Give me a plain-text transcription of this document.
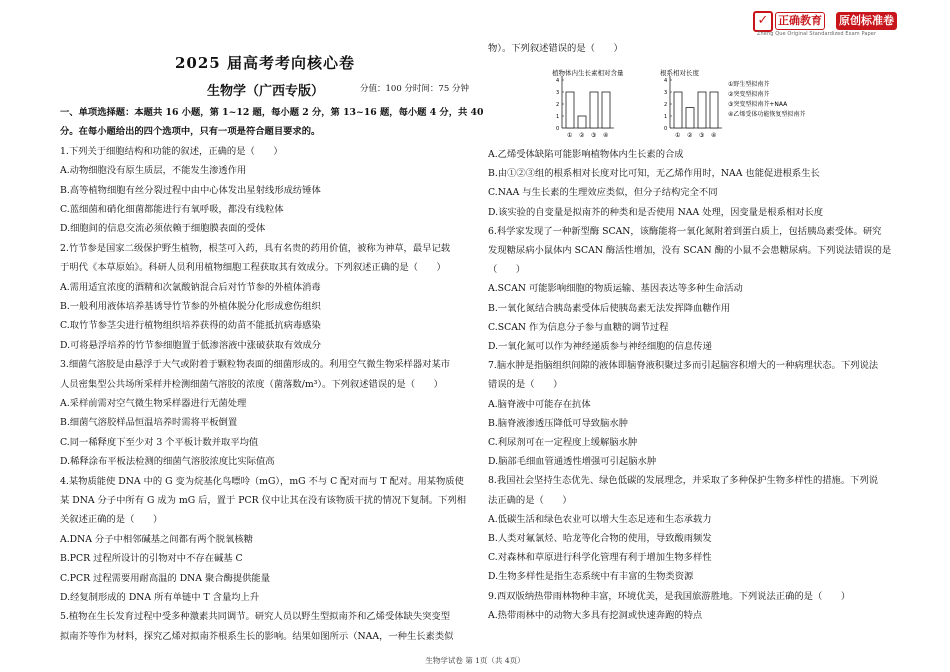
✓ 正确教育 原创标准卷
Zheng Que Original Standardized Exam Paper
2025 届高考考向核心卷
生物学（广西专版）	分值：100 分时间：75 分钟
一、单项选择题：本题共 16 小题，第 1~12 题，每小题 2 分，第 13~16 题，每小题 4 分，共 40
分。在每小题给出的四个选项中，只有一项是符合题目要求的。
1.下列关于细胞结构和功能的叙述，正确的是（　　）
A.动物细胞没有原生质层，不能发生渗透作用
B.高等植物细胞有丝分裂过程中由中心体发出星射线形成纺锤体
C.蓝细菌和硝化细菌都能进行有氧呼吸，都没有线粒体
D.细胞间的信息交流必须依赖于细胞膜表面的受体
2.竹节参是国家二级保护野生植物，根茎可入药，具有名贵的药用价值，被称为神草，最早记载
于明代《本草原始》。科研人员利用植物细胞工程获取其有效成分。下列叙述正确的是（　　）
A.需用适宜浓度的酒精和次氯酸钠混合后对竹节参的外植体消毒
B.一般利用液体培养基诱导竹节参的外植体脱分化形成愈伤组织
C.取竹节参茎尖进行植物组织培养获得的幼苗不能抵抗病毒感染
D.可将悬浮培养的竹节参细胞置于低渗溶液中涨破获取有效成分
3.细菌气溶胶是由悬浮于大气或附着于颗粒物表面的细菌形成的。利用空气微生物采样器对某市
人员密集型公共场所采样并检测细菌气溶胶的浓度（菌落数/m³）。下列叙述错误的是（　　）
A.采样前需对空气微生物采样器进行无菌处理
B.细菌气溶胶样品恒温培养时需将平板倒置
C.同一稀释度下至少对 3 个平板计数并取平均值
D.稀释涂布平板法检测的细菌气溶胶浓度比实际值高
4.某物质能使 DNA 中的 G 变为烷基化鸟嘌呤（mG），mG 不与 C 配对而与 T 配对。用某物质使
某 DNA 分子中所有 G 成为 mG 后，置于 PCR 仪中让其在没有该物质干扰的情况下复制。下列相
关叙述正确的是（　　）
A.DNA 分子中相邻碱基之间都有两个脱氧核糖
B.PCR 过程所设计的引物对中不存在碱基 C
C.PCR 过程需要用耐高温的 DNA 聚合酶提供能量
D.经复制形成的 DNA 所有单链中 T 含量均上升
5.植物在生长发育过程中受多种激素共同调节。研究人员以野生型拟南芥和乙烯受体缺失突变型
拟南芥等作为材料，探究乙烯对拟南芥根系生长的影响。结果如图所示（NAA，一种生长素类似
物）。下列叙述错误的是（　　）
A.乙烯受体缺陷可能影响植物体内生长素的合成
B.由①②③组的根系相对长度对比可知，无乙烯作用时，NAA 也能促进根系生长
C.NAA 与生长素的生理效应类似，但分子结构完全不同
D.该实验的自变量是拟南芥的种类和是否使用 NAA 处理，因变量是根系相对长度
6.科学家发现了一种新型酶 SCAN，该酶能将一氧化氮附着到蛋白质上，包括胰岛素受体。研究
发现糖尿病小鼠体内 SCAN 酶活性增加，没有 SCAN 酶的小鼠不会患糖尿病。下列说法错误的是
（　　）
A.SCAN 可能影响细胞的物质运输、基因表达等多种生命活动
B.一氧化氮结合胰岛素受体后使胰岛素无法发挥降血糖作用
C.SCAN 作为信息分子参与血糖的调节过程
D.一氧化氮可以作为神经递质参与神经细胞的信息传递
7.脑水肿是指脑组织间隙的液体即脑脊液积聚过多而引起脑容积增大的一种病理状态。下列说法
错误的是（　　）
A.脑脊液中可能存在抗体
B.脑脊液渗透压降低可导致脑水肿
C.利尿剂可在一定程度上缓解脑水肿
D.脑部毛细血管通透性增强可引起脑水肿
8.我国社会坚持生态优先、绿色低碳的发展理念，并采取了多种保护生物多样性的措施。下列说
法正确的是（　　）
A.低碳生活和绿色农业可以增大生态足迹和生态承载力
B.人类对氟氯烃、哈龙等化合物的使用，导致酸雨频发
C.对森林和草原进行科学化管理有利于增加生物多样性
D.生物多样性是指生态系统中有丰富的生物类资源
9.西双版纳热带雨林物种丰富，环境优美，是我国旅游胜地。下列说法正确的是（　　）
A.热带雨林中的动物大多具有挖洞或快速奔跑的特点
植物体内生长素相对含量
0
1
2
3
4
① ② ③ ④
根系相对长度
0
1
2
3
4
① ② ③ ④
①野生型拟南芥
②突变型拟南芥
③突变型拟南芥+NAA
④乙烯受体功能恢复型拟南芥
生物学试卷 第 1页（共 4页）
